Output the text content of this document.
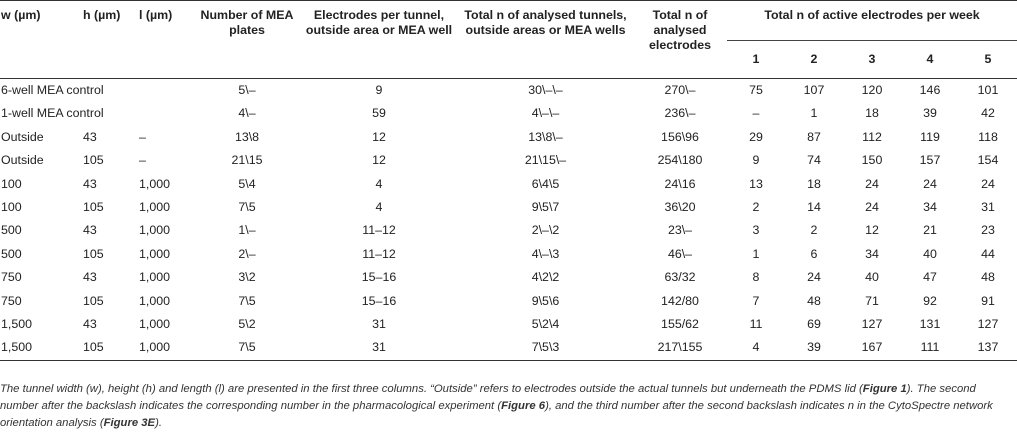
w (µm)	h (µm)	l (µm)	Number of MEA plates	Electrodes per tunnel, outside area or MEA well	Total n of analysed tunnels, outside areas or MEA wells	Total n of analysed electrodes	Total n of active electrodes per week				
							1	2	3	4	5
6-well MEA control			5\–	9	30\–\–	270\–	75	107	120	146	101
1-well MEA control			4\–	59	4\–\–	236\–	–	1	18	39	42
Outside	43	–	13\8	12	13\8\–	156\96	29	87	112	119	118
Outside	105	–	21\15	12	21\15\–	254\180	9	74	150	157	154
100	43	1,000	5\4	4	6\4\5	24\16	13	18	24	24	24
100	105	1,000	7\5	4	9\5\7	36\20	2	14	24	34	31
500	43	1,000	1\–	11–12	2\–\2	23\–	3	2	12	21	23
500	105	1,000	2\–	11–12	4\–\3	46\–	1	6	34	40	44
750	43	1,000	3\2	15–16	4\2\2	63/32	8	24	40	47	48
750	105	1,000	7\5	15–16	9\5\6	142/80	7	48	71	92	91
1,500	43	1,000	5\2	31	5\2\4	155/62	11	69	127	131	127
1,500	105	1,000	7\5	31	7\5\3	217\155	4	39	167	111	137
The tunnel width (w), height (h) and length (l) are presented in the first three columns. “Outside” refers to electrodes outside the actual tunnels but underneath the PDMS lid (Figure 1). The second number after the backslash indicates the corresponding number in the pharmacological experiment (Figure 6), and the third number after the second backslash indicates n in the CytoSpectre network orientation analysis (Figure 3E).
